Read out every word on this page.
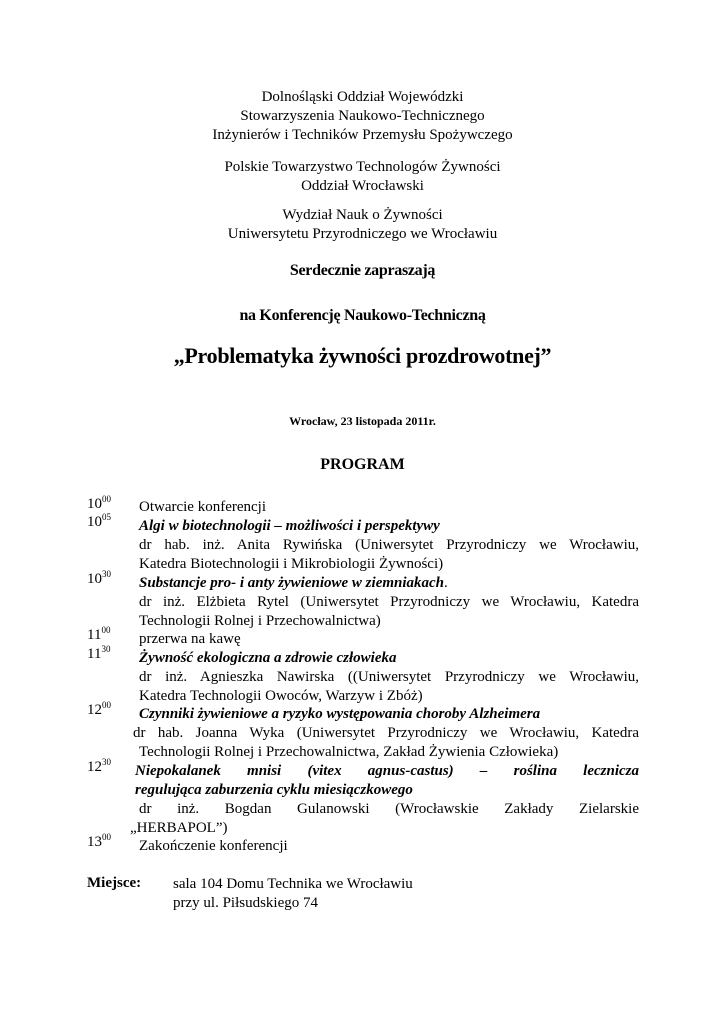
Dolnośląski Oddział Wojewódzki
Stowarzyszenia Naukowo-Technicznego
Inżynierów i Techników Przemysłu Spożywczego
Polskie Towarzystwo Technologów Żywności
Oddział Wrocławski
Wydział Nauk o Żywności
Uniwersytetu Przyrodniczego we Wrocławiu
Serdecznie zapraszają
na Konferencję Naukowo-Techniczną
„Problematyka żywności prozdrowotnej”
Wrocław, 23 listopada 2011r.
PROGRAM
$10^{00}$ Otwarcie konferencji
$10^{05}$
Algi w biotechnologii – możliwości i perspektywy
dr hab. inż. Anita Rywińska (Uniwersytet Przyrodniczy we Wrocławiu,
Katedra Biotechnologii i Mikrobiologii Żywności)
$10^{30}$
Substancje pro- i anty żywieniowe w ziemniakach.
dr inż. Elżbieta Rytel (Uniwersytet Przyrodniczy we Wrocławiu, Katedra
Technologii Rolnej i Przechowalnictwa)
$11^{00}$
przerwa na kawę
$11^{30}$
Żywność ekologiczna a zdrowie człowieka
dr inż. Agnieszka Nawirska ((Uniwersytet Przyrodniczy we Wrocławiu,
Katedra Technologii Owoców, Warzyw i Zbóż)
$12^{00}$
Czynniki żywieniowe a ryzyko występowania choroby Alzheimera
dr hab. Joanna Wyka (Uniwersytet Przyrodniczy we Wrocławiu, Katedra
Technologii Rolnej i Przechowalnictwa, Zakład Żywienia Człowieka)
$12^{30}$
Niepokalanek mnisi (vitex agnus-castus) – roślina lecznicza
regulująca zaburzenia cyklu miesiączkowego
dr inż. Bogdan Gulanowski (Wrocławskie Zakłady Zielarskie
„HERBAPOL”)
$13^{00}$
Zakończenie konferencji
Miejsce: sala 104 Domu Technika we Wrocławiu
przy ul. Piłsudskiego 74
